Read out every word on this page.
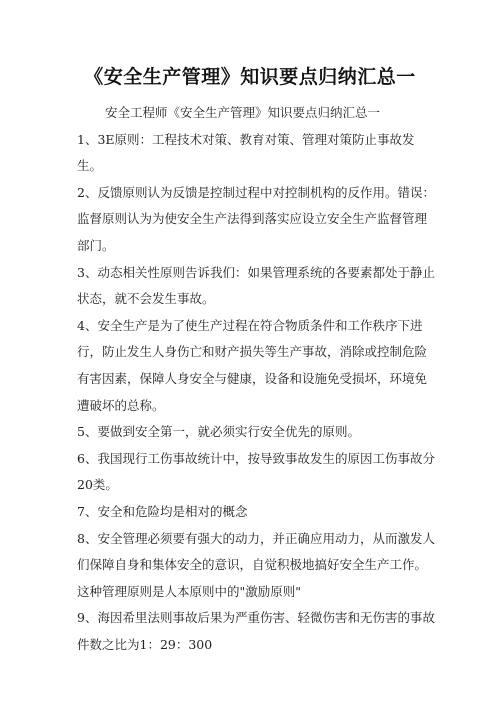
《安全生产管理》知识要点归纳汇总一

安全工程师《安全生产管理》知识要点归纳汇总一

1、3E原则：工程技术对策、教育对策、管理对策防止事故发生。

2、反馈原则认为反馈是控制过程中对控制机构的反作用。错误：监督原则认为为使安全生产法得到落实应设立安全生产监督管理部门。

3、动态相关性原则告诉我们：如果管理系统的各要素都处于静止状态，就不会发生事故。

4、安全生产是为了使生产过程在符合物质条件和工作秩序下进行，防止发生人身伤亡和财产损失等生产事故，消除或控制危险有害因素，保障人身安全与健康，设备和设施免受损坏，环境免遭破坏的总称。

5、要做到安全第一，就必须实行安全优先的原则。

6、我国现行工伤事故统计中，按导致事故发生的原因工伤事故分20类。

7、安全和危险均是相对的概念

8、安全管理必须要有强大的动力，并正确应用动力，从而激发人们保障自身和集体安全的意识，自觉积极地搞好安全生产工作。这种管理原则是人本原则中的"激励原则"

9、海因希里法则事故后果为严重伤害、轻微伤害和无伤害的事故件数之比为1：29：300
